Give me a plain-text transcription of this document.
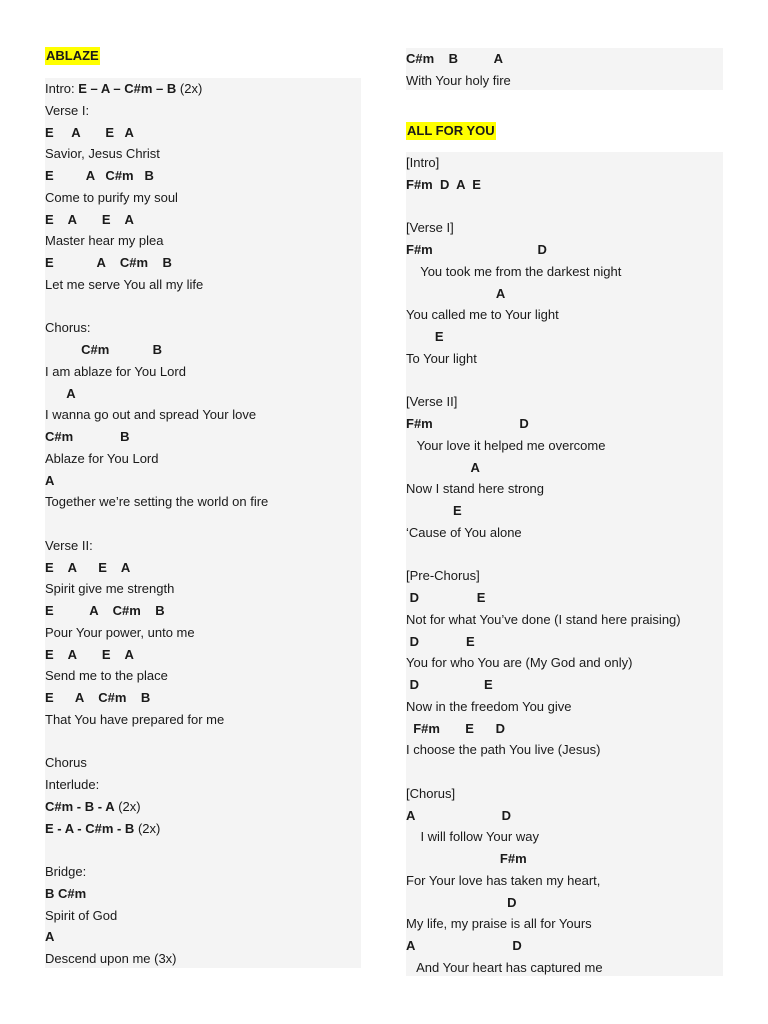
ABLAZE
Intro: E – A – C#m – B (2x)
Verse I:
E     A       E   A
Savior, Jesus Christ
E         A   C#m   B
Come to purify my soul
E    A       E    A
Master hear my plea
E            A    C#m    B
Let me serve You all my life
Chorus:
C#m            B
I am ablaze for You Lord
A
I wanna go out and spread Your love
C#m             B
Ablaze for You Lord
A
Together we’re setting the world on fire
Verse II:
E    A      E    A
Spirit give me strength
E          A    C#m    B
Pour Your power, unto me
E    A       E    A
Send me to the place
E      A    C#m    B
That You have prepared for me
Chorus
Interlude:
C#m - B - A (2x)
E - A - C#m - B (2x)
Bridge:
B C#m
Spirit of God
A
Descend upon me (3x)
C#m    B          A
With Your holy fire
ALL FOR YOU
[Intro]
F#m  D  A  E
[Verse I]
F#m                             D
You took me from the darkest night
A
You called me to Your light
E
To Your light
[Verse II]
F#m                        D
Your love it helped me overcome
A
Now I stand here strong
E
‘Cause of You alone
[Pre-Chorus]
D                E
Not for what You’ve done (I stand here praising)
D             E
You for who You are (My God and only)
D                  E
Now in the freedom You give
F#m       E      D
I choose the path You live (Jesus)
[Chorus]
A                        D
I will follow Your way
F#m
For Your love has taken my heart,
D
My life, my praise is all for Yours
A                           D
And Your heart has captured me
